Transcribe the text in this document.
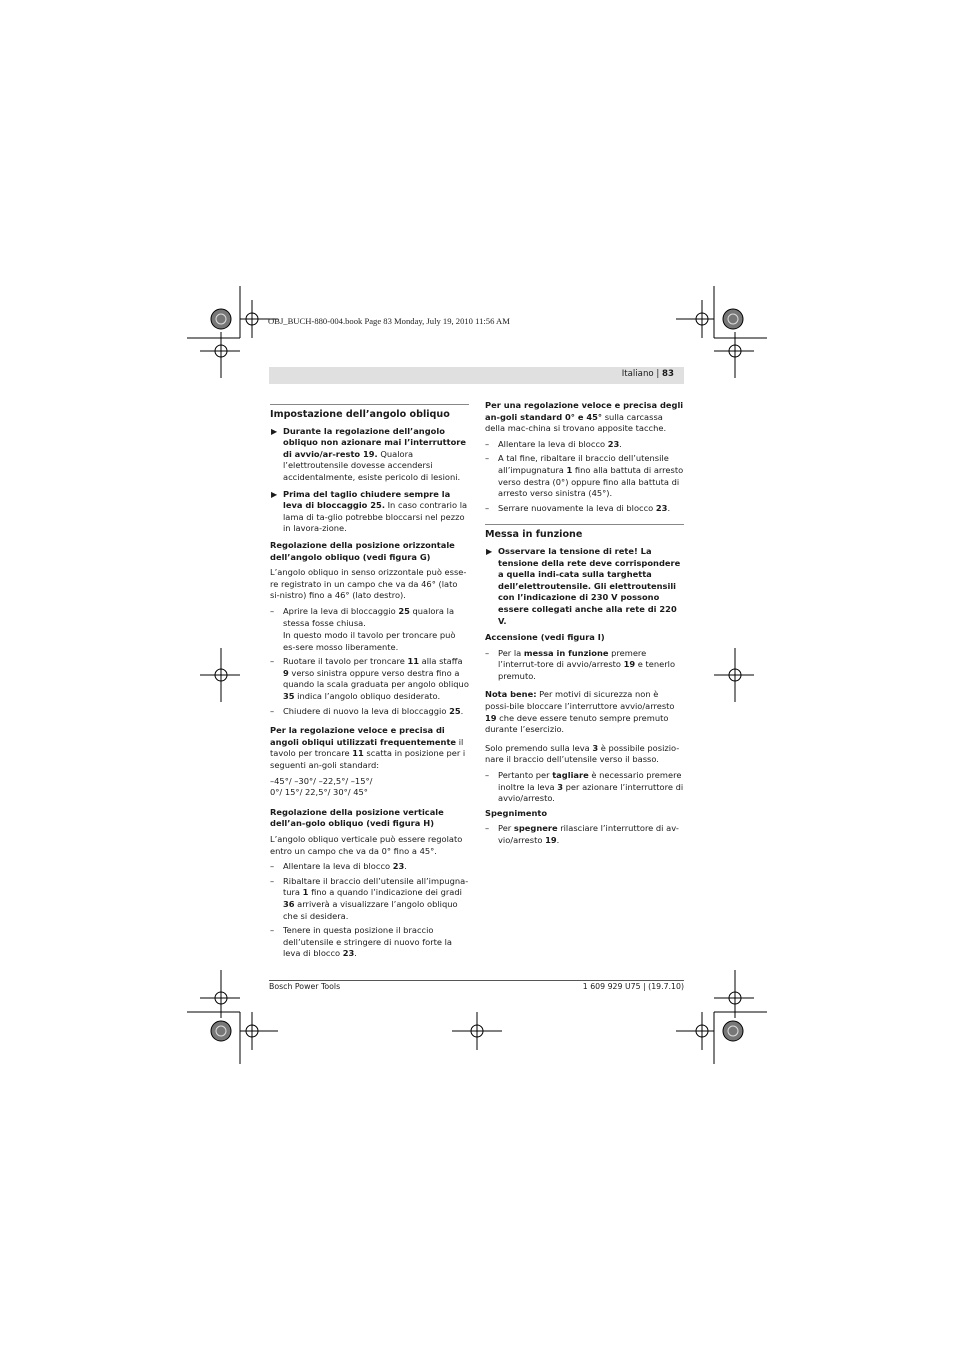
OBJ_BUCH-880-004.book Page 83 Monday, July 19, 2010 11:56 AM
Italiano | 83
Impostazione dell’angolo obliquo
▶ Durante la regolazione dell’angolo obliquo non azionare mai l’interruttore di avvio/ar-resto 19. Qualora l’elettroutensile dovesse accendersi accidentalmente, esiste pericolo di lesioni.
▶ Prima del taglio chiudere sempre la leva di bloccaggio 25. In caso contrario la lama di ta-glio potrebbe bloccarsi nel pezzo in lavora-zione.

Regolazione della posizione orizzontale dell’angolo obliquo (vedi figura G)

L’angolo obliquo in senso orizzontale può esse-re registrato in un campo che va da 46° (lato si-nistro) fino a 46° (lato destro).

– Aprire la leva di bloccaggio 25 qualora la stessa fosse chiusa.
In questo modo il tavolo per troncare può es-sere mosso liberamente.
– Ruotare il tavolo per troncare 11 alla staffa 9 verso sinistra oppure verso destra fino a quando la scala graduata per angolo obliquo 35 indica l’angolo obliquo desiderato.
– Chiudere di nuovo la leva di bloccaggio 25.

Per la regolazione veloce e precisa di angoli obliqui utilizzati frequentemente il tavolo per troncare 11 scatta in posizione per i seguenti an-goli standard:

–45°/ –30°/ –22,5°/ –15°/
0°/ 15°/ 22,5°/ 30°/ 45°

Regolazione della posizione verticale dell’an-golo obliquo (vedi figura H)

L’angolo obliquo verticale può essere regolato entro un campo che va da 0° fino a 45°.

– Allentare la leva di blocco 23.
– Ribaltare il braccio dell’utensile all’impugna-tura 1 fino a quando l’indicazione dei gradi 36 arriverà a visualizzare l’angolo obliquo che si desidera.
– Tenere in questa posizione il braccio dell’utensile e stringere di nuovo forte la leva di blocco 23.

Per una regolazione veloce e precisa degli an-goli standard 0° e 45° sulla carcassa della mac-china si trovano apposite tacche.

– Allentare la leva di blocco 23.
– A tal fine, ribaltare il braccio dell’utensile all’impugnatura 1 fino alla battuta di arresto verso destra (0°) oppure fino alla battuta di arresto verso sinistra (45°).
– Serrare nuovamente la leva di blocco 23.
Messa in funzione
▶ Osservare la tensione di rete! La tensione della rete deve corrispondere a quella indi-cata sulla targhetta dell’elettroutensile. Gli elettroutensili con l’indicazione di 230 V possono essere collegati anche alla rete di 220 V.

Accensione (vedi figura I)

– Per la messa in funzione premere l’interrut-tore di avvio/arresto 19 e tenerlo premuto.

Nota bene: Per motivi di sicurezza non è possi-bile bloccare l’interruttore avvio/arresto 19 che deve essere tenuto sempre premuto durante l’esercizio.

Solo premendo sulla leva 3 è possibile posizio-nare il braccio dell’utensile verso il basso.

– Pertanto per tagliare è necessario premere inoltre la leva 3 per azionare l’interruttore di avvio/arresto.

Spegnimento

– Per spegnere rilasciare l’interruttore di av-vio/arresto 19.
Bosch Power Tools	1 609 929 U75 | (19.7.10)
